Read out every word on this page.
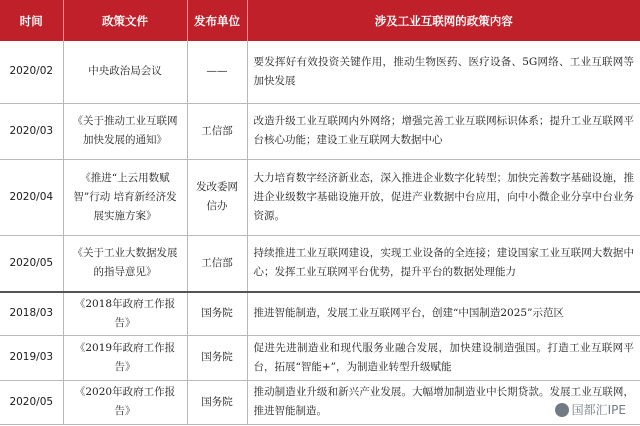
时间	政策文件	发布单位	涉及工业互联网的政策内容
2020/02	中央政治局会议	——	要发挥好有效投资关键作用，推动生物医药、医疗设备、5G网络、工业互联网等加快发展
2020/03	《关于推动工业互联网加快发展的通知》	工信部	改造升级工业互联网内外网络；增强完善工业互联网标识体系；提升工业互联网平台核心功能；建设工业互联网大数据中心
2020/04	《推进“上云用数赋智”行动 培育新经济发展实施方案》	发改委网信办	大力培育数字经济新业态，深入推进企业数字化转型；加快完善数字基础设施，推进企业级数字基础设施开放，促进产业数据中台应用，向中小微企业分享中台业务资源。
2020/05	《关于工业大数据发展的指导意见》	工信部	持续推进工业互联网建设，实现工业设备的全连接；建设国家工业互联网大数据中心；发挥工业互联网平台优势，提升平台的数据处理能力
2018/03	《2018年政府工作报告》	国务院	推进智能制造，发展工业互联网平台，创建“中国制造2025”示范区
2019/03	《2019年政府工作报告》	国务院	促进先进制造业和现代服务业融合发展，加快建设制造强国。打造工业互联网平台，拓展“智能+”，为制造业转型升级赋能
2020/05	《2020年政府工作报告》	国务院	推动制造业升级和新兴产业发展。大幅增加制造业中长期贷款。发展工业互联网，推进智能制造。	国都汇IPE
